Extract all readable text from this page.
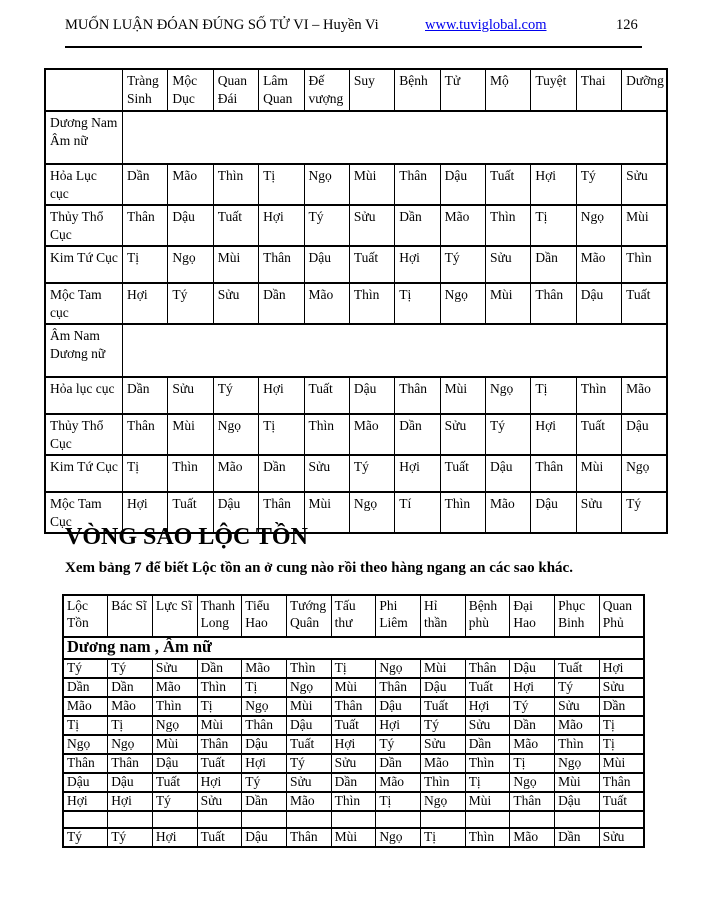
MUỐN LUẬN ĐÓAN ĐÚNG SỐ TỬ VI – Huyền Vi	www.tuviglobal.com	126
	Tràng Sinh	Mộc Dục	Quan Đái	Lâm Quan	Đế vượng	Suy	Bệnh	Tử	Mộ	Tuyệt	Thai	Dưỡng
Dương Nam Âm nữ												
Hỏa Lục cục	Dần	Mão	Thìn	Tị	Ngọ	Mùi	Thân	Dậu	Tuất	Hợi	Tý	Sửu
Thủy Thổ Cục	Thân	Dậu	Tuất	Hợi	Tý	Sửu	Dần	Mão	Thìn	Tị	Ngọ	Mùi
Kim Tứ Cục	Tị	Ngọ	Mùi	Thân	Dậu	Tuất	Hợi	Tý	Sửu	Dần	Mão	Thìn
Mộc Tam cục	Hợi	Tý	Sửu	Dần	Mão	Thìn	Tị	Ngọ	Mùi	Thân	Dậu	Tuất
Âm Nam Dương nữ												
Hỏa lục cục	Dần	Sửu	Tý	Hợi	Tuất	Dậu	Thân	Mùi	Ngọ	Tị	Thìn	Mão
Thủy Thổ Cục	Thân	Mùi	Ngọ	Tị	Thìn	Mão	Dần	Sửu	Tý	Hợi	Tuất	Dậu
Kim Tứ Cục	Tị	Thìn	Mão	Dần	Sửu	Tý	Hợi	Tuất	Dậu	Thân	Mùi	Ngọ
Mộc Tam Cục	Hợi	Tuất	Dậu	Thân	Mùi	Ngọ	Tí	Thìn	Mão	Dậu	Sửu	Tý
VÒNG SAO LỘC TỒN
Xem bảng 7 để biết Lộc tồn an ở cung nào rồi theo hàng ngang an các sao khác.
Lộc Tồn	Bác Sĩ	Lực Sĩ	Thanh Long	Tiểu Hao	Tướng Quân	Tấu thư	Phi Liêm	Hỉ thần	Bệnh phù	Đại Hao	Phục Binh	Quan Phủ
Dương nam , Âm nữ												
Tý	Tý	Sửu	Dần	Mão	Thìn	Tị	Ngọ	Mùi	Thân	Dậu	Tuất	Hợi
Dần	Dần	Mão	Thìn	Tị	Ngọ	Mùi	Thân	Dậu	Tuất	Hợi	Tý	Sửu
Mão	Mão	Thìn	Tị	Ngọ	Mùi	Thân	Dậu	Tuất	Hợi	Tý	Sửu	Dần
Tị	Tị	Ngọ	Mùi	Thân	Dậu	Tuất	Hợi	Tý	Sửu	Dần	Mão	Tị
Ngọ	Ngọ	Mùi	Thân	Dậu	Tuất	Hợi	Tý	Sửu	Dần	Mão	Thìn	Tị
Thân	Thân	Dậu	Tuất	Hợi	Tý	Sửu	Dần	Mão	Thìn	Tị	Ngọ	Mùi
Dậu	Dậu	Tuất	Hợi	Tý	Sửu	Dần	Mão	Thìn	Tị	Ngọ	Mùi	Thân
Hợi	Hợi	Tý	Sửu	Dần	Mão	Thìn	Tị	Ngọ	Mùi	Thân	Dậu	Tuất

Tý	Tý	Hợi	Tuất	Dậu	Thân	Mùi	Ngọ	Tị	Thìn	Mão	Dần	Sửu
